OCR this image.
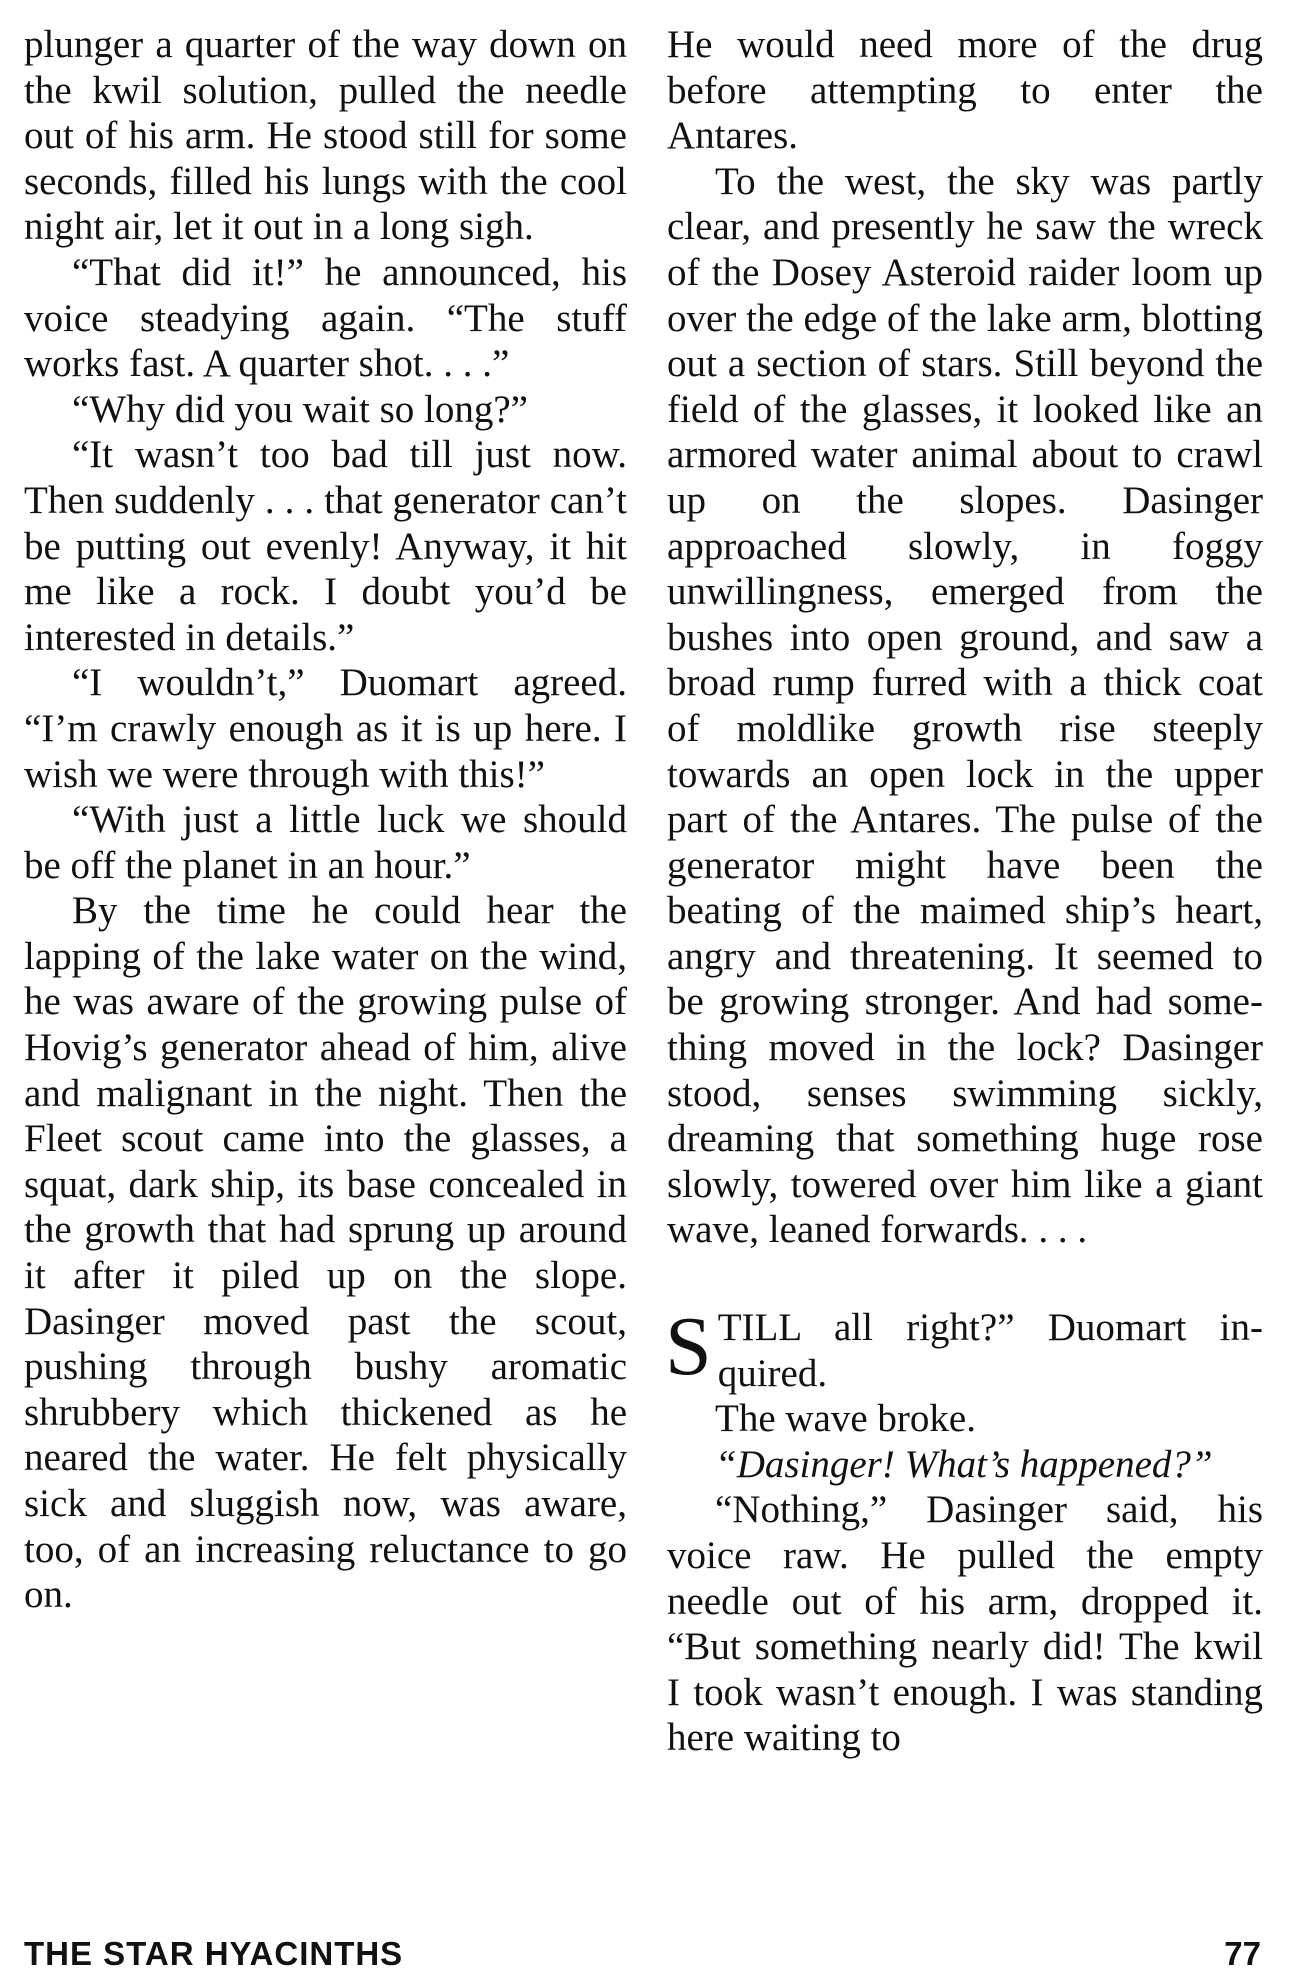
plunger a quarter of the way down on the kwil solution, pulled the needle out of his arm. He stood still for some seconds, filled his lungs with the cool night air, let it out in a long sigh.

“That did it!” he announced, his voice steadying again. “The stuff works fast. A quarter shot. . . .”

“Why did you wait so long?”

“It wasn’t too bad till just now. Then suddenly . . . that generator can’t be putting out evenly! Anyway, it hit me like a rock. I doubt you’d be interested in details.”

“I wouldn’t,” Duomart agreed. “I’m crawly enough as it is up here. I wish we were through with this!”

“With just a little luck we should be off the planet in an hour.”

By the time he could hear the lapping of the lake water on the wind, he was aware of the growing pulse of Hovig’s generator ahead of him, alive and malignant in the night. Then the Fleet scout came into the glasses, a squat, dark ship, its base concealed in the growth that had sprung up around it after it piled up on the slope. Dasinger moved past the scout, pushing through bushy aromatic shrubbery which thickened as he neared the water. He felt physically sick and sluggish now, was aware, too, of an increasing reluctance to go on.

He would need more of the drug before attempting to enter the Antares.

To the west, the sky was partly clear, and presently he saw the wreck of the Dosey Asteroid raider loom up over the edge of the lake arm, blotting out a section of stars. Still beyond the field of the glasses, it looked like an armored water animal about to crawl up on the slopes. Dasinger approached slowly, in foggy unwillingness, emerged from the bushes into open ground, and saw a broad rump furred with a thick coat of moldlike growth rise steeply towards an open lock in the upper part of the Antares. The pulse of the generator might have been the beating of the maimed ship’s heart, angry and threatening. It seemed to be growing stronger. And had something moved in the lock? Dasinger stood, senses swimming sickly, dreaming that something huge rose slowly, towered over him like a giant wave, leaned forwards. . . .

STILL all right?” Duomart inquired.

The wave broke.

“Dasinger! What’s happened?”

“Nothing,” Dasinger said, his voice raw. He pulled the empty needle out of his arm, dropped it. “But something nearly did! The kwil I took wasn’t enough. I was standing here waiting to

THE STAR HYACINTHS	77
